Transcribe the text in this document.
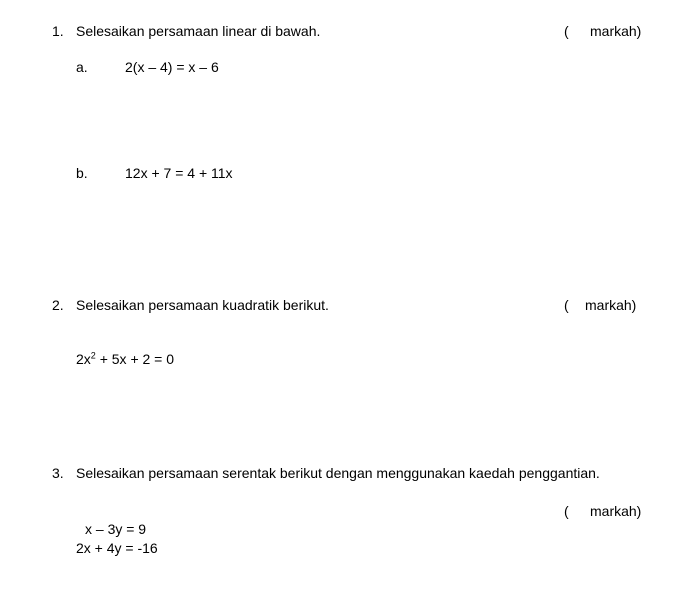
1. Selesaikan persamaan linear di bawah.	(	markah)
a.	2(x – 4) = x – 6
b.	12x + 7 = 4 + 11x
2. Selesaikan persamaan kuadratik berikut.	(	markah)
$2x^2 + 5x + 2 = 0$
3. Selesaikan persamaan serentak berikut dengan menggunakan kaedah penggantian.
(	markah)
x – 3y = 9
2x + 4y = -16
